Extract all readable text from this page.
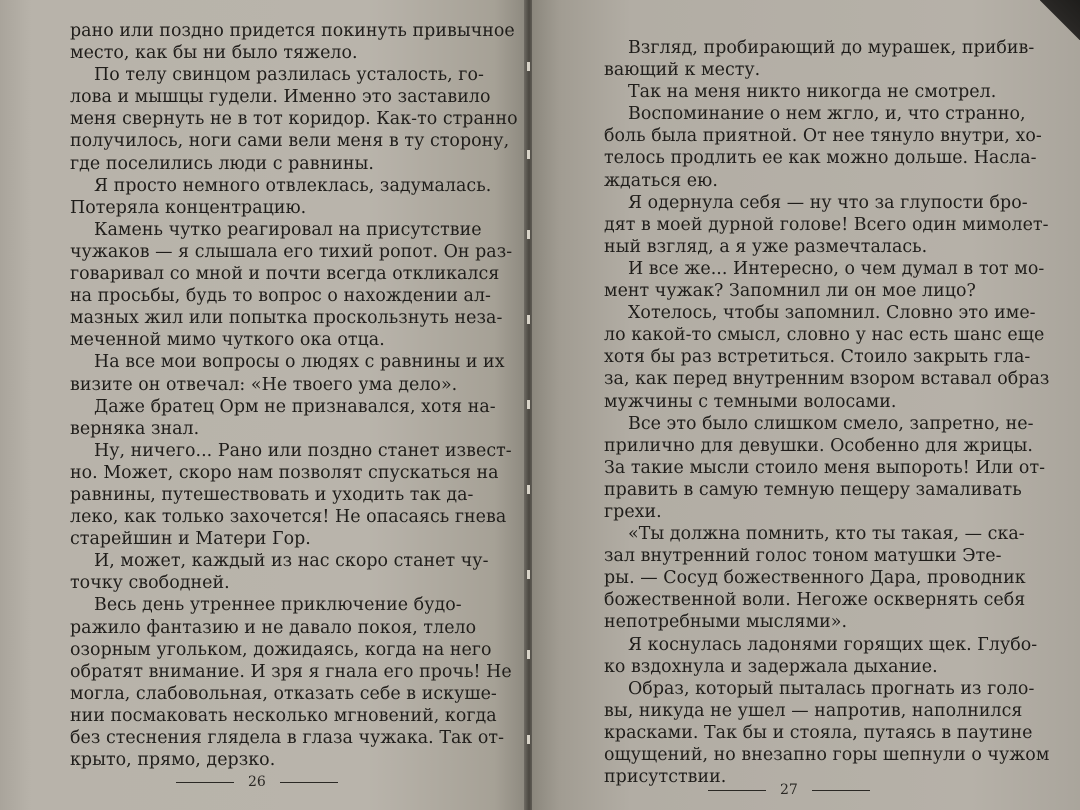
рано или поздно придется покинуть привычное
место, как бы ни было тяжело.
По телу свинцом разлилась усталость, го-
лова и мышцы гудели. Именно это заставило
меня свернуть не в тот коридор. Как-то странно
получилось, ноги сами вели меня в ту сторону,
где поселились люди с равнины.
Я просто немного отвлеклась, задумалась.
Потеряла концентрацию.
Камень чутко реагировал на присутствие
чужаков — я слышала его тихий ропот. Он раз-
говаривал со мной и почти всегда откликался
на просьбы, будь то вопрос о нахождении ал-
мазных жил или попытка проскользнуть неза-
меченной мимо чуткого ока отца.
На все мои вопросы о людях с равнины и их
визите он отвечал: «Не твоего ума дело».
Даже братец Орм не признавался, хотя на-
верняка знал.
Ну, ничего... Рано или поздно станет извест-
но. Может, скоро нам позволят спускаться на
равнины, путешествовать и уходить так да-
леко, как только захочется! Не опасаясь гнева
старейшин и Матери Гор.
И, может, каждый из нас скоро станет чу-
точку свободней.
Весь день утреннее приключение будо-
ражило фантазию и не давало покоя, тлело
озорным угольком, дожидаясь, когда на него
обратят внимание. И зря я гнала его прочь! Не
могла, слабовольная, отказать себе в искуше-
нии посмаковать несколько мгновений, когда
без стеснения глядела в глаза чужака. Так от-
крыто, прямо, дерзко.
26
Взгляд, пробирающий до мурашек, прибив-
вающий к месту.
Так на меня никто никогда не смотрел.
Воспоминание о нем жгло, и, что странно,
боль была приятной. От нее тянуло внутри, хо-
телось продлить ее как можно дольше. Насла-
ждаться ею.
Я одернула себя — ну что за глупости бро-
дят в моей дурной голове! Всего один мимолет-
ный взгляд, а я уже размечталась.
И все же... Интересно, о чем думал в тот мо-
мент чужак? Запомнил ли он мое лицо?
Хотелось, чтобы запомнил. Словно это име-
ло какой-то смысл, словно у нас есть шанс еще
хотя бы раз встретиться. Стоило закрыть гла-
за, как перед внутренним взором вставал образ
мужчины с темными волосами.
Все это было слишком смело, запретно, не-
прилично для девушки. Особенно для жрицы.
За такие мысли стоило меня выпороть! Или от-
править в самую темную пещеру замаливать
грехи.
«Ты должна помнить, кто ты такая, — ска-
зал внутренний голос тоном матушки Эте-
ры. — Сосуд божественного Дара, проводник
божественной воли. Негоже осквернять себя
непотребными мыслями».
Я коснулась ладонями горящих щек. Глубо-
ко вздохнула и задержала дыхание.
Образ, который пыталась прогнать из голо-
вы, никуда не ушел — напротив, наполнился
красками. Так бы и стояла, путаясь в паутине
ощущений, но внезапно горы шепнули о чужом
присутствии.
27
